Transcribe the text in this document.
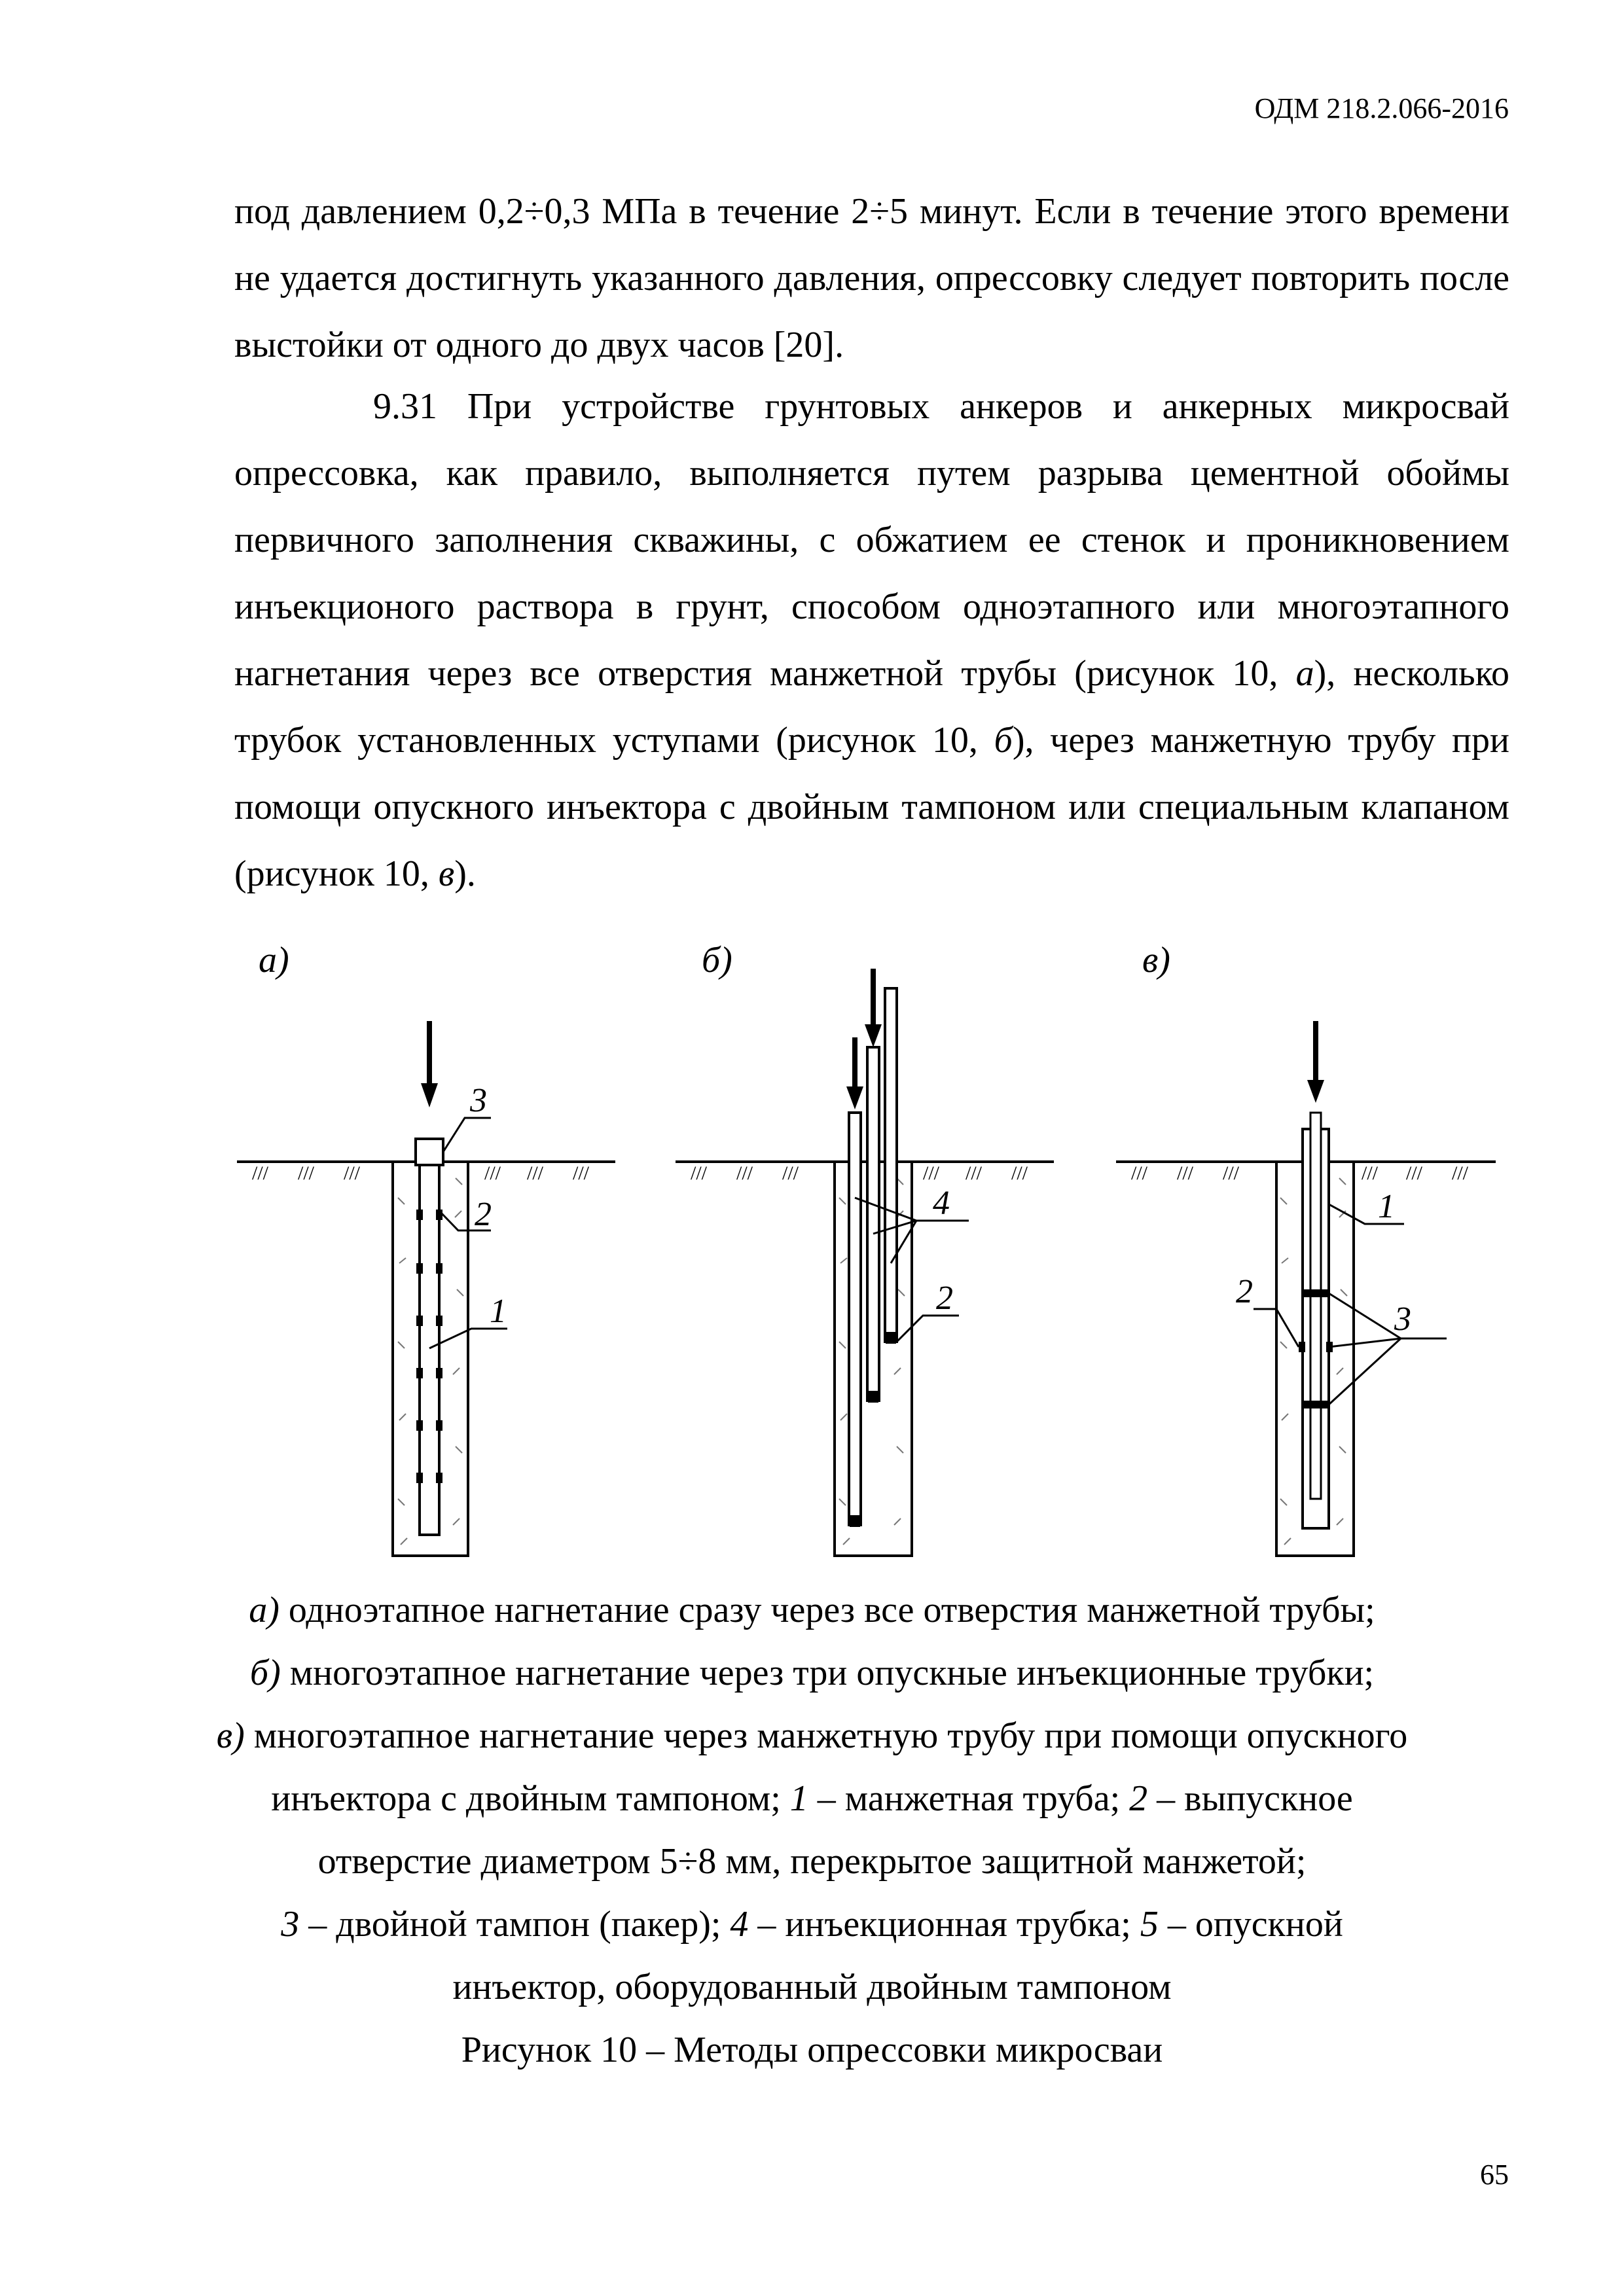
ОДМ 218.2.066-2016

под давлением 0,2÷0,3 МПа в течение 2÷5 минут. Если в течение этого времени не удается достигнуть указанного давления, опрессовку следует повторить после выстойки от одного до двух часов [20].

9.31 При устройстве грунтовых анкеров и анкерных микросвай опрессовка, как правило, выполняется путем разрыва цементной обоймы первичного заполнения скважины, с обжатием ее стенок и проникновением инъекционого раствора в грунт, способом одноэтапного или многоэтапного нагнетания через все отверстия манжетной трубы (рисунок 10, а), несколько трубок установленных уступами (рисунок 10, б), через манжетную трубу при помощи опускного инъектора с двойным тампоном или специальным клапаном (рисунок 10, в).

а)
/// /// ///	/// /// ///
3
2
1
б)
/// /// ///	/// /// ///
4
2
в)
/// /// ///	/// /// ///
1
2
3
а) одноэтапное нагнетание сразу через все отверстия манжетной трубы;
б) многоэтапное нагнетание через три опускные инъекционные трубки;
в) многоэтапное нагнетание через манжетную трубу при помощи опускного
инъектора с двойным тампоном; 1 – манжетная труба; 2 – выпускное
отверстие диаметром 5÷8 мм, перекрытое защитной манжетой;
3 – двойной тампон (пакер); 4 – инъекционная трубка; 5 – опускной
инъектор, оборудованный двойным тампоном
Рисунок 10 – Методы опрессовки микросваи
65
